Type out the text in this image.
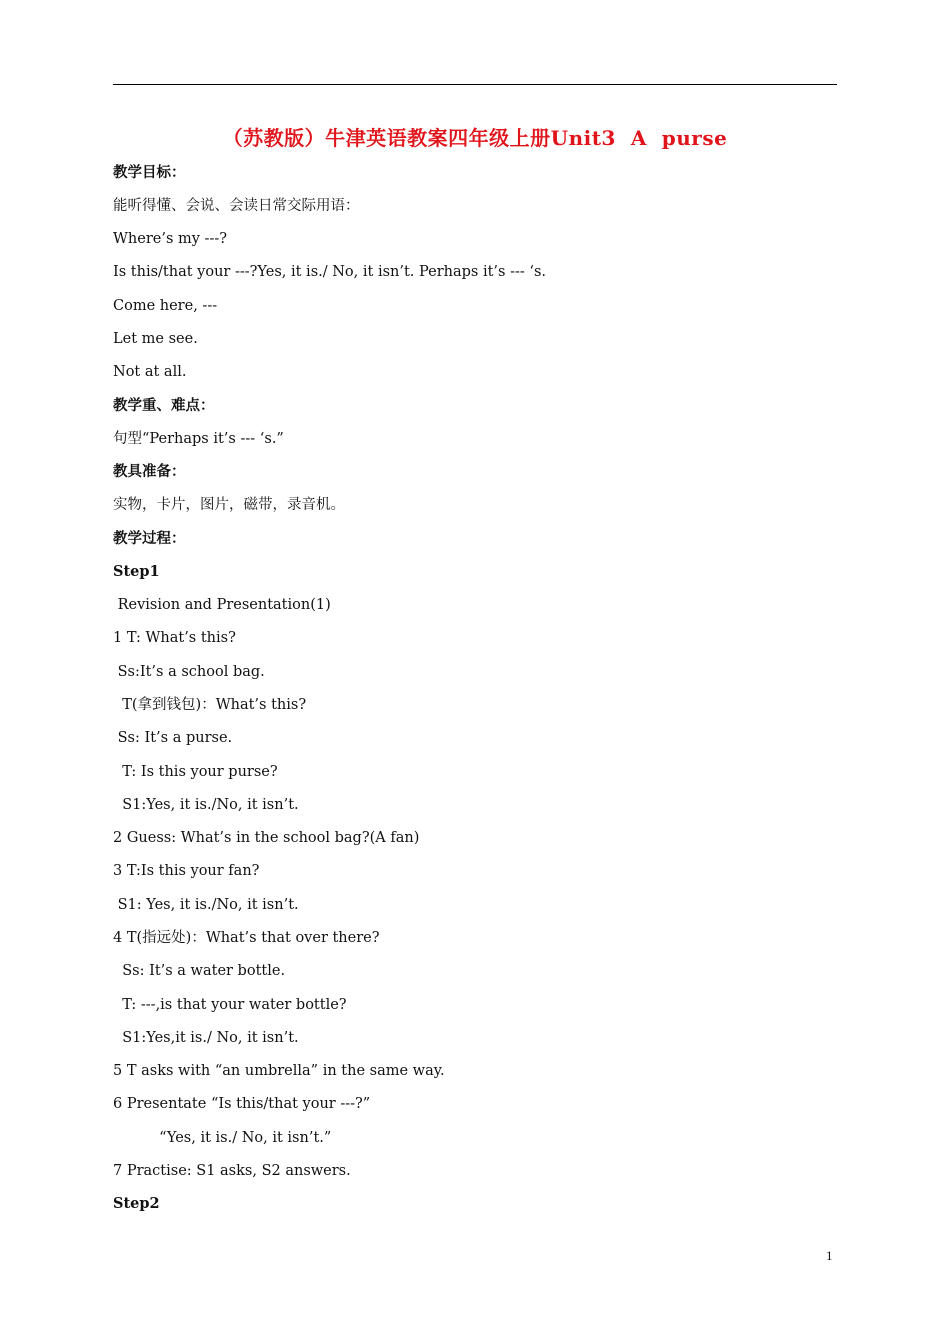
（苏教版）牛津英语教案四年级上册Unit3  A  purse
教学目标：
能听得懂、会说、会读日常交际用语：
Where’s my ---?
Is this/that your ---?Yes, it is./ No, it isn’t. Perhaps it’s --- ‘s.
Come here, ---
Let me see.
Not at all.
教学重、难点：
句型“Perhaps it’s --- ‘s.”
教具准备：
实物，卡片，图片，磁带，录音机。
教学过程：
Step1
Revision and Presentation(1)
1 T: What’s this?
Ss:It’s a school bag.
T(拿到钱包)：What’s this?
Ss: It’s a purse.
T: Is this your purse?
S1:Yes, it is./No, it isn’t.
2 Guess: What’s in the school bag?(A fan)
3 T:Is this your fan?
S1: Yes, it is./No, it isn’t.
4 T(指远处)：What’s that over there?
Ss: It’s a water bottle.
T: ---,is that your water bottle?
S1:Yes,it is./ No, it isn’t.
5 T asks with “an umbrella” in the same way.
6 Presentate “Is this/that your ---?”
“Yes, it is./ No, it isn’t.”
7 Practise: S1 asks, S2 answers.
Step2
1
